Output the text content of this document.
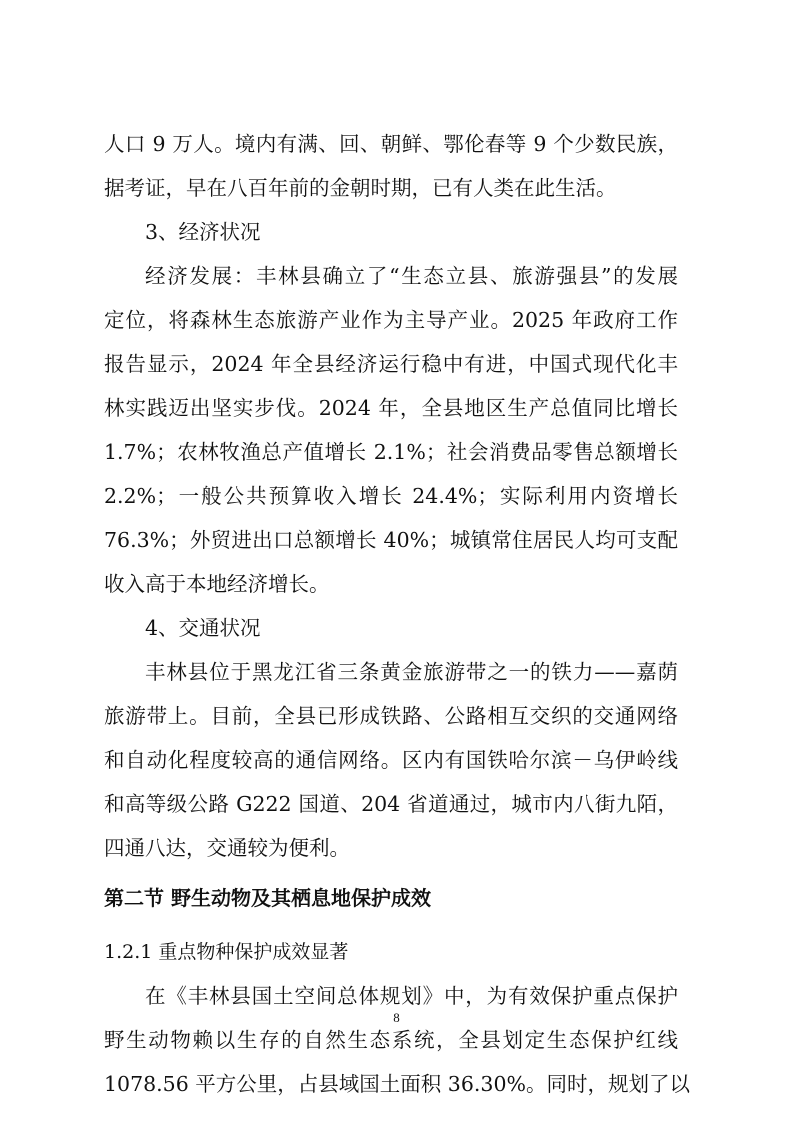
人口 9 万人。境内有满、回、朝鲜、鄂伦春等 9 个少数民族，
据考证，早在八百年前的金朝时期，已有人类在此生活。
3、经济状况
经济发展：丰林县确立了“生态立县、旅游强县”的发展
定位，将森林生态旅游产业作为主导产业。2025 年政府工作
报告显示，2024 年全县经济运行稳中有进，中国式现代化丰
林实践迈出坚实步伐。2024 年，全县地区生产总值同比增长
1.7%；农林牧渔总产值增长 2.1%；社会消费品零售总额增长
2.2%；一般公共预算收入增长 24.4%；实际利用内资增长
76.3%；外贸进出口总额增长 40%；城镇常住居民人均可支配
收入高于本地经济增长。
4、交通状况
丰林县位于黑龙江省三条黄金旅游带之一的铁力——嘉荫
旅游带上。目前，全县已形成铁路、公路相互交织的交通网络
和自动化程度较高的通信网络。区内有国铁哈尔滨－乌伊岭线
和高等级公路 G222 国道、204 省道通过，城市内八街九陌，
四通八达，交通较为便利。
第二节 野生动物及其栖息地保护成效
1.2.1 重点物种保护成效显著
在《丰林县国土空间总体规划》中，为有效保护重点保护
野生动物赖以生存的自然生态系统，全县划定生态保护红线
1078.56 平方公里，占县域国土面积 36.30%。同时，规划了以
8
